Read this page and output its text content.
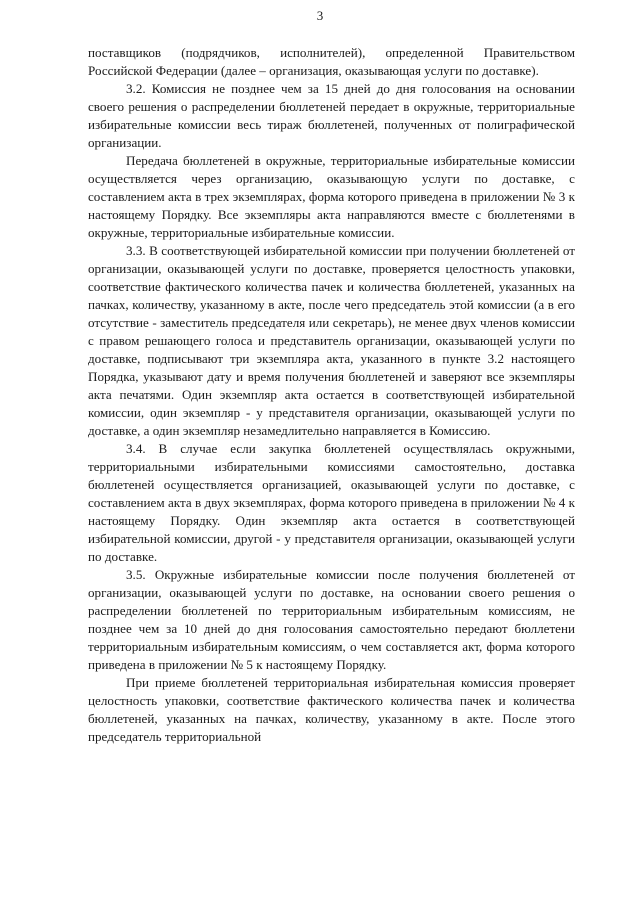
3

поставщиков (подрядчиков, исполнителей), определенной Правительством Российской Федерации (далее – организация, оказывающая услуги по доставке).

3.2. Комиссия не позднее чем за 15 дней до дня голосования на основании своего решения о распределении бюллетеней передает в окружные, территориальные избирательные комиссии весь тираж бюллетеней, полученных от полиграфической организации.

Передача бюллетеней в окружные, территориальные избирательные комиссии осуществляется через организацию, оказывающую услуги по доставке, с составлением акта в трех экземплярах, форма которого приведена в приложении № 3 к настоящему Порядку. Все экземпляры акта направляются вместе с бюллетенями в окружные, территориальные избирательные комиссии.

3.3. В соответствующей избирательной комиссии при получении бюллетеней от организации, оказывающей услуги по доставке, проверяется целостность упаковки, соответствие фактического количества пачек и количества бюллетеней, указанных на пачках, количеству, указанному в акте, после чего председатель этой комиссии (а в его отсутствие - заместитель председателя или секретарь), не менее двух членов комиссии с правом решающего голоса и представитель организации, оказывающей услуги по доставке, подписывают три экземпляра акта, указанного в пункте 3.2 настоящего Порядка, указывают дату и время получения бюллетеней и заверяют все экземпляры акта печатями. Один экземпляр акта остается в соответствующей избирательной комиссии, один экземпляр - у представителя организации, оказывающей услуги по доставке, а один экземпляр незамедлительно направляется в Комиссию.

3.4. В случае если закупка бюллетеней осуществлялась окружными, территориальными избирательными комиссиями самостоятельно, доставка бюллетеней осуществляется организацией, оказывающей услуги по доставке, с составлением акта в двух экземплярах, форма которого приведена в приложении № 4 к настоящему Порядку. Один экземпляр акта остается в соответствующей избирательной комиссии, другой - у представителя организации, оказывающей услуги по доставке.

3.5. Окружные избирательные комиссии после получения бюллетеней от организации, оказывающей услуги по доставке, на основании своего решения о распределении бюллетеней по территориальным избирательным комиссиям, не позднее чем за 10 дней до дня голосования самостоятельно передают бюллетени территориальным избирательным комиссиям, о чем составляется акт, форма которого приведена в приложении № 5 к настоящему Порядку.

При приеме бюллетеней территориальная избирательная комиссия проверяет целостность упаковки, соответствие фактического количества пачек и количества бюллетеней, указанных на пачках, количеству, указанному в акте. После этого председатель территориальной
